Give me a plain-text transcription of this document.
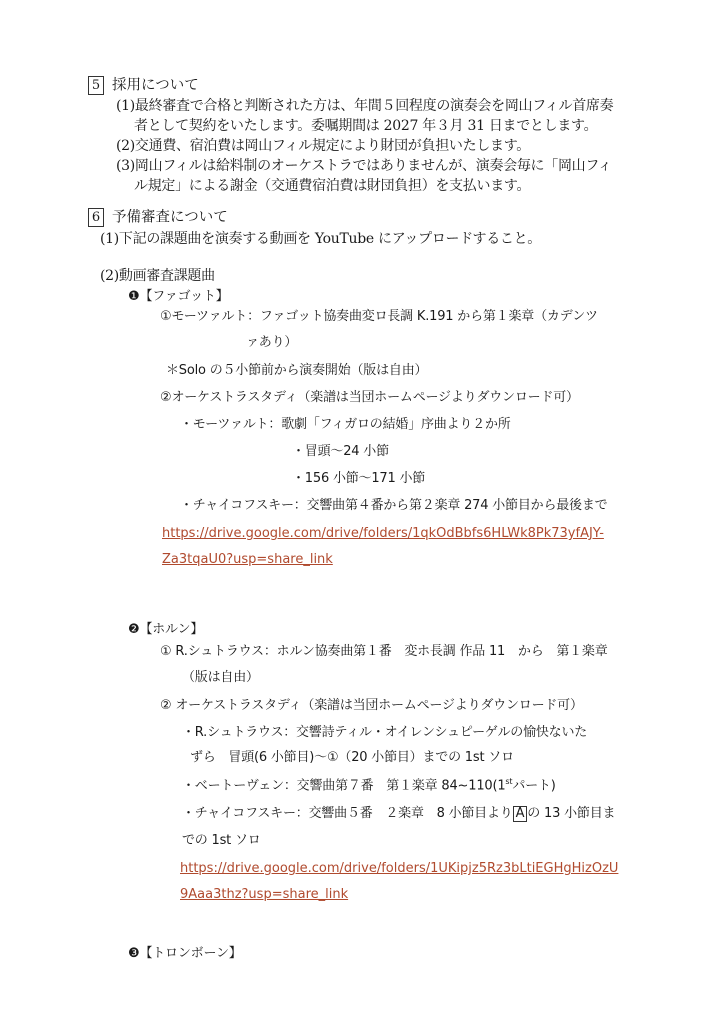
5 採用について
(1)最終審査で合格と判断された方は、年間５回程度の演奏会を岡山フィル首席奏
者として契約をいたします。委嘱期間は 2027 年３月 31 日までとします。
(2)交通費、宿泊費は岡山フィル規定により財団が負担いたします。
(3)岡山フィルは給料制のオーケストラではありませんが、演奏会毎に「岡山フィ
ル規定」による謝金（交通費宿泊費は財団負担）を支払います。
6 予備審査について
(1)下記の課題曲を演奏する動画を YouTube にアップロードすること。
(2)動画審査課題曲
❶【ファゴット】
①モーツァルト：ファゴット協奏曲変ロ長調 K.191 から第１楽章（カデンツ
ァあり）
＊Solo の５小節前から演奏開始（版は自由）
②オーケストラスタディ（楽譜は当団ホームページよりダウンロード可）
・モーツァルト：歌劇「フィガロの結婚」序曲より２か所
・冒頭〜24 小節
・156 小節〜171 小節
・チャイコフスキー：交響曲第４番から第２楽章 274 小節目から最後まで
https://drive.google.com/drive/folders/1qkOdBbfs6HLWk8Pk73yfAJY-
Za3tqaU0?usp=share_link
❷【ホルン】
① R.シュトラウス：ホルン協奏曲第１番　変ホ長調 作品 11　から　第１楽章
（版は自由）
② オーケストラスタディ（楽譜は当団ホームページよりダウンロード可）
・R.シュトラウス：交響詩ティル・オイレンシュピーゲルの愉快ないた
ずら　冒頭(6 小節目)〜①（20 小節目）までの 1st ソロ
・ベートーヴェン：交響曲第７番　第１楽章 84~110(1stパート)
・チャイコフスキー：交響曲５番　２楽章　8 小節目より A の 13 小節目ま
での 1st ソロ
https://drive.google.com/drive/folders/1UKipjz5Rz3bLtiEGHgHizOzU
9Aaa3thz?usp=share_link
❸【トロンボーン】
